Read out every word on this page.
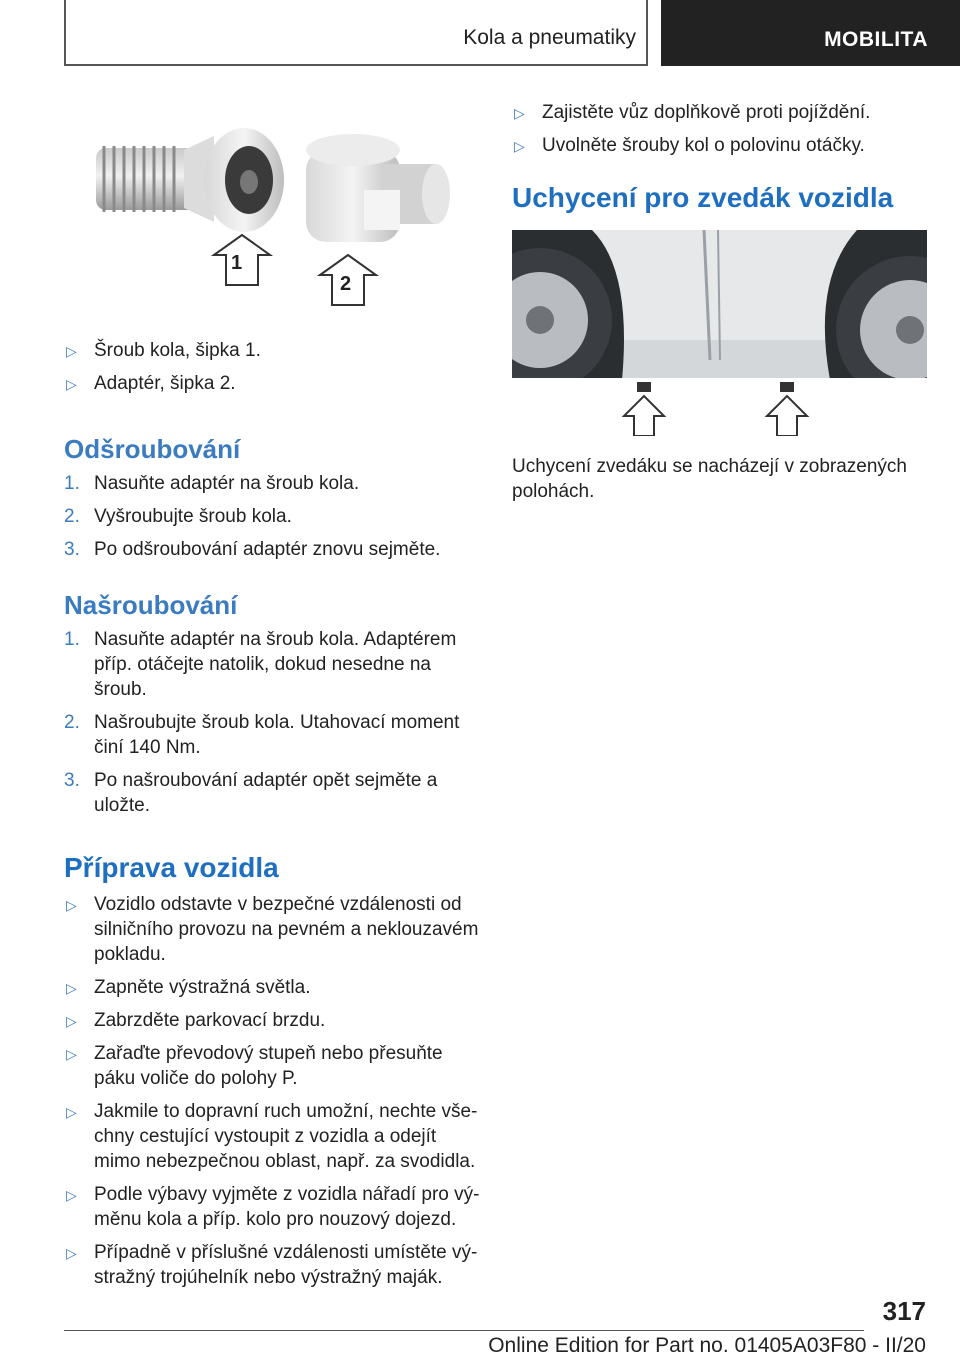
Kola a pneumatiky	MOBILITA
1
2
▷ Šroub kola, šipka 1.
▷ Adaptér, šipka 2.
Odšroubování
1. Nasuňte adaptér na šroub kola.
2. Vyšroubujte šroub kola.
3. Po odšroubování adaptér znovu sejměte.
Našroubování
1. Nasuňte adaptér na šroub kola. Adaptérem příp. otáčejte natolik, dokud nesedne na šroub.
2. Našroubujte šroub kola. Utahovací moment činí 140 Nm.
3. Po našroubování adaptér opět sejměte a uložte.
Příprava vozidla
▷ Vozidlo odstavte v bezpečné vzdálenosti od silničního provozu na pevném a neklouzavém pokladu.
▷ Zapněte výstražná světla.
▷ Zabrzděte parkovací brzdu.
▷ Zařaďte převodový stupeň nebo přesuňte páku voliče do polohy P.
▷ Jakmile to dopravní ruch umožní, nechte všechny cestující vystoupit z vozidla a odejít mimo nebezpečnou oblast, např. za svodidla.
▷ Podle výbavy vyjměte z vozidla nářadí pro výměnu kola a příp. kolo pro nouzový dojezd.
▷ Případně v příslušné vzdálenosti umístěte výstražný trojúhelník nebo výstražný maják.
▷ Zajistěte vůz doplňkově proti pojíždění.
▷ Uvolněte šrouby kol o polovinu otáčky.
Uchycení pro zvedák vozidla
Uchycení zvedáku se nacházejí v zobrazených polohách.
317
Online Edition for Part no. 01405A03F80 - II/20
